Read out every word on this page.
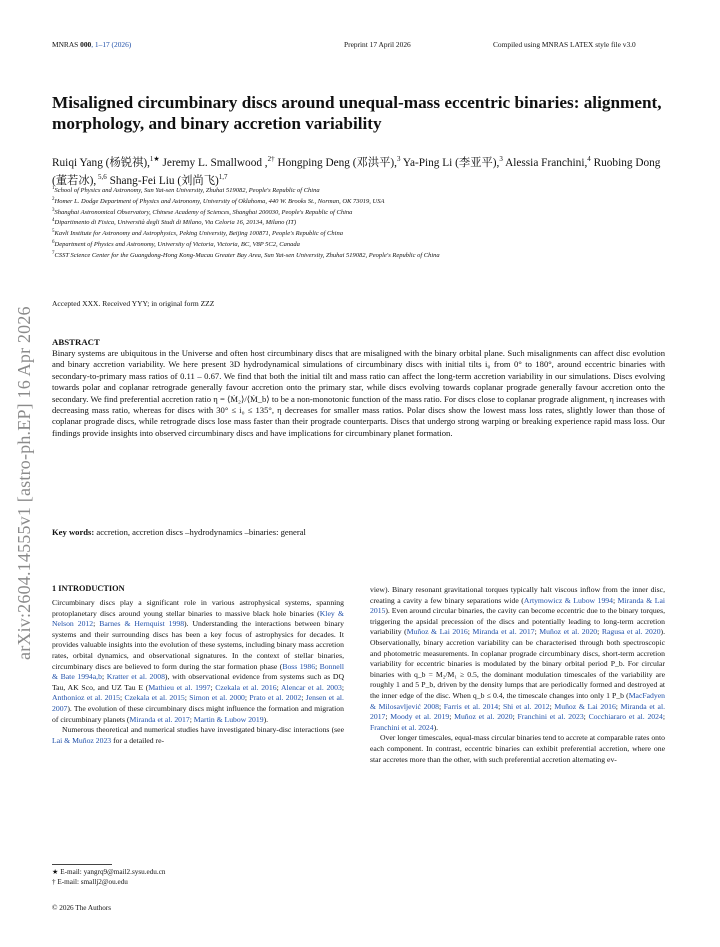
MNRAS 000, 1–17 (2026)	Preprint 17 April 2026	Compiled using MNRAS LATEX style file v3.0
arXiv:2604.14555v1 [astro-ph.EP] 16 Apr 2026
Misaligned circumbinary discs around unequal-mass eccentric binaries: alignment, morphology, and binary accretion variability
Ruiqi Yang (杨锐祺),$^{1★}$ Jeremy L. Smallwood ,$^{2\dagger}$ Hongping Deng (邓洪平),$^3$ Ya-Ping Li (李亚平),$^3$ Alessia Franchini,$^4$ Ruobing Dong (董若冰), $^{5,6}$ Shang-Fei Liu (刘尚飞)$^{1,7}$
$^1$School of Physics and Astronomy, Sun Yat-sen University, Zhuhai 519082, People's Republic of China
$^2$Homer L. Dodge Department of Physics and Astronomy, University of Oklahoma, 440 W. Brooks St., Norman, OK 73019, USA
$^3$Shanghai Astronomical Observatory, Chinese Academy of Sciences, Shanghai 200030, People's Republic of China
$^4$Dipartimento di Fisica, Università degli Studi di Milano, Via Celoria 16, 20134, Milano (IT)
$^5$Kavli Institute for Astronomy and Astrophysics, Peking University, Beijing 100871, People's Republic of China
$^6$Department of Physics and Astronomy, University of Victoria, Victoria, BC, V8P 5C2, Canada
$^7$CSST Science Center for the Guangdong-Hong Kong-Macau Greater Bay Area, Sun Yat-sen University, Zhuhai 519082, People's Republic of China
Accepted XXX. Received YYY; in original form ZZZ
ABSTRACT
Binary systems are ubiquitous in the Universe and often host circumbinary discs that are misaligned with the binary orbital plane. Such misalignments can affect disc evolution and binary accretion variability. We here present 3D hydrodynamical simulations of circumbinary discs with initial tilts i₀ from 0° to 180°, around eccentric binaries with secondary-to-primary mass ratios of 0.11 – 0.67. We find that both the initial tilt and mass ratio can affect the long-term accretion variability in our simulations. Discs evolving towards polar and coplanar retrograde generally favour accretion onto the primary star, while discs evolving towards coplanar prograde generally favour accretion onto the secondary. We find preferential accretion ratio η = ⟨Ṁ₂⟩/⟨Ṁ_b⟩ to be a non-monotonic function of the mass ratio. For discs close to coplanar prograde alignment, η increases with decreasing mass ratio, whereas for discs with 30° ≤ i₀ ≤ 135°, η decreases for smaller mass ratios. Polar discs show the lowest mass loss rates, slightly lower than those of coplanar prograde discs, while retrograde discs lose mass faster than their prograde counterparts. Discs that undergo strong warping or breaking experience rapid mass loss. Our findings provide insights into observed circumbinary discs and have implications for circumbinary planet formation.
Key words: accretion, accretion discs –hydrodynamics –binaries: general
1 INTRODUCTION

Circumbinary discs play a significant role in various astrophysical systems, spanning protoplanetary discs around young stellar binaries to massive black hole binaries (Kley & Nelson 2012; Barnes & Hernquist 1998). Understanding the interactions between binary systems and their surrounding discs has been a key focus of astrophysics for decades. It provides valuable insights into the evolution of these systems, including binary mass accretion rates, orbital dynamics, and observational signatures. In the context of stellar binaries, circumbinary discs are believed to form during the star formation phase (Boss 1986; Bonnell & Bate 1994a,b; Kratter et al. 2008), with observational evidence from systems such as DQ Tau, AK Sco, and UZ Tau E (Mathieu et al. 1997; Czekala et al. 2016; Alencar et al. 2003; Anthonioz et al. 2015; Czekala et al. 2015; Simon et al. 2000; Prato et al. 2002; Jensen et al. 2007). The evolution of these circumbinary discs might influence the formation and migration of circumbinary planets (Miranda et al. 2017; Martin & Lubow 2019).

Numerous theoretical and numerical studies have investigated binary-disc interactions (see Lai & Muñoz 2023 for a detailed re-

view). Binary resonant gravitational torques typically halt viscous inflow from the inner disc, creating a cavity a few binary separations wide (Artymowicz & Lubow 1994; Miranda & Lai 2015). Even around circular binaries, the cavity can become eccentric due to the binary torques, triggering the apsidal precession of the discs and potentially leading to long-term accretion variability (Muñoz & Lai 2016; Miranda et al. 2017; Muñoz et al. 2020; Ragusa et al. 2020). Observationally, binary accretion variability can be characterised through both spectroscopic and photometric measurements. In coplanar prograde circumbinary discs, short-term accretion variability for eccentric binaries is modulated by the binary orbital period P_b. For circular binaries with q_b = M₂/M₁ ≥ 0.5, the dominant modulation timescales of the variability are roughly 1 and 5 P_b, driven by the density lumps that are periodically formed and destroyed at the inner edge of the disc. When q_b ≤ 0.4, the timescale changes into only 1 P_b (MacFadyen & Milosavljević 2008; Farris et al. 2014; Shi et al. 2012; Muñoz & Lai 2016; Miranda et al. 2017; Moody et al. 2019; Muñoz et al. 2020; Franchini et al. 2023; Cocchiararo et al. 2024; Franchini et al. 2024).

Over longer timescales, equal-mass circular binaries tend to accrete at comparable rates onto each component. In contrast, eccentric binaries can exhibit preferential accretion, where one star accretes more than the other, with such preferential accretion alternating ev-

★ E-mail: yangrq9@mail2.sysu.edu.cn
† E-mail: smallj2@ou.edu
© 2026 The Authors
